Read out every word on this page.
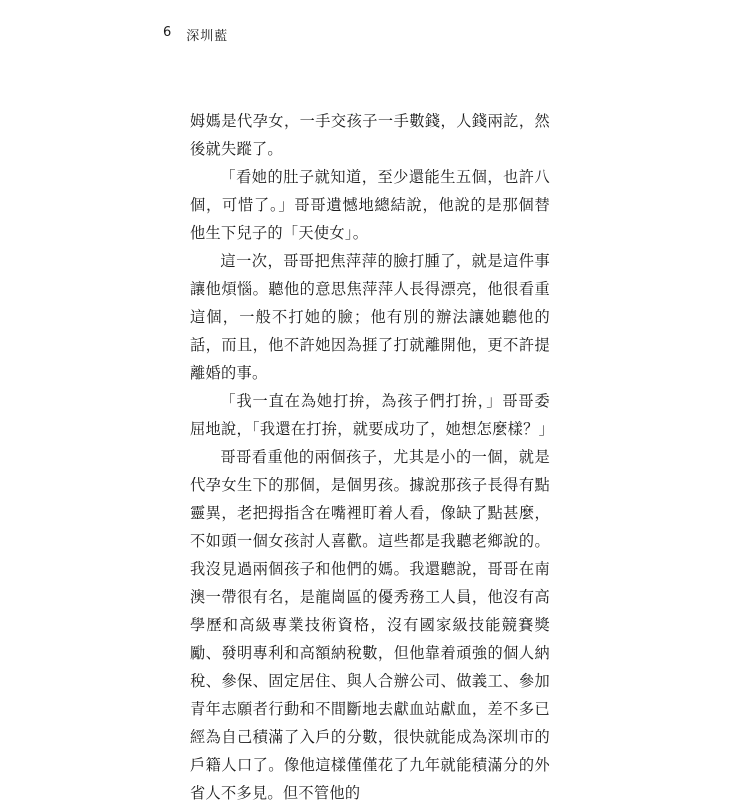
6 深圳藍

姆媽是代孕女，一手交孩子一手數錢，人錢兩訖，然後就失蹤了。

「看她的肚子就知道，至少還能生五個，也許八個，可惜了。」哥哥遺憾地總結說，他說的是那個替他生下兒子的「天使女」。

這一次，哥哥把焦萍萍的臉打腫了，就是這件事讓他煩惱。聽他的意思焦萍萍人長得漂亮，他很看重這個，一般不打她的臉；他有別的辦法讓她聽他的話，而且，他不許她因為捱了打就離開他，更不許提離婚的事。

「我一直在為她打拚，為孩子們打拚，」哥哥委屈地說，「我還在打拚，就要成功了，她想怎麼樣？」

哥哥看重他的兩個孩子，尤其是小的一個，就是代孕女生下的那個，是個男孩。據說那孩子長得有點靈異，老把拇指含在嘴裡盯着人看，像缺了點甚麼，不如頭一個女孩討人喜歡。這些都是我聽老鄉說的。我沒見過兩個孩子和他們的媽。我還聽說，哥哥在南澳一帶很有名，是龍崗區的優秀務工人員，他沒有高學歷和高級專業技術資格，沒有國家級技能競賽獎勵、發明專利和高額納稅數，但他靠着頑強的個人納稅、參保、固定居住、與人合辦公司、做義工、參加青年志願者行動和不間斷地去獻血站獻血，差不多已經為自己積滿了入戶的分數，很快就能成為深圳市的戶籍人口了。像他這樣僅僅花了九年就能積滿分的外省人不多見。但不管他的
